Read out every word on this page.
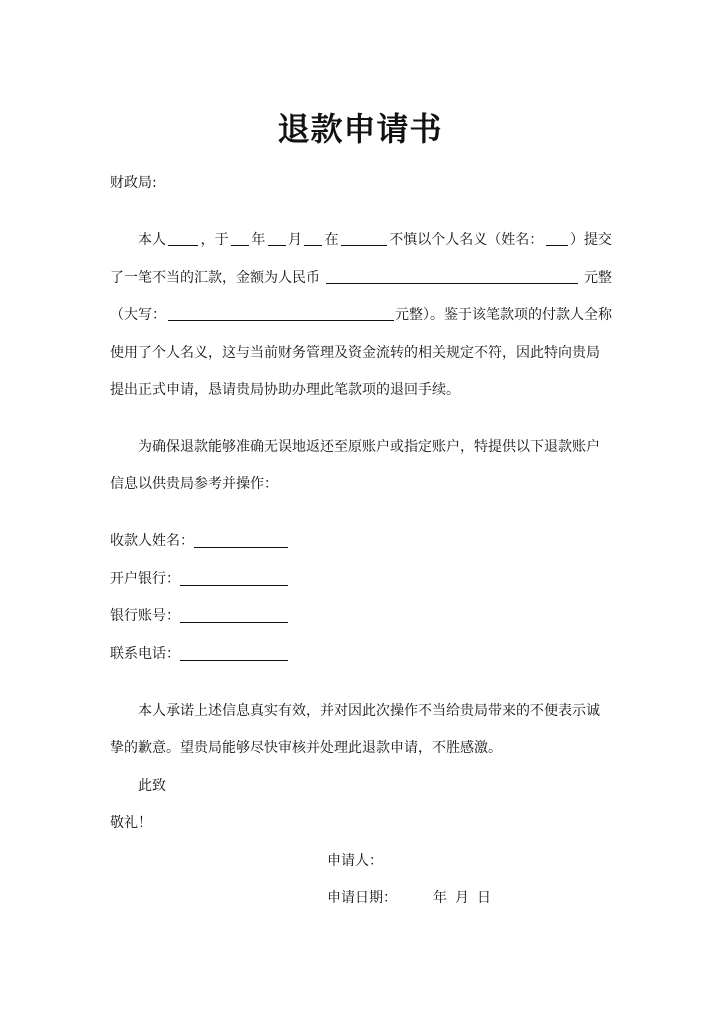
退款申请书
财政局:
本人 ，于 年 月 在	不慎以个人名义（姓名： ）提交
了一笔不当的汇款，金额为人民币	元整
（大写：	元整）。鉴于该笔款项的付款人全称
使用了个人名义，这与当前财务管理及资金流转的相关规定不符，因此特向贵局
提出正式申请，恳请贵局协助办理此笔款项的退回手续。
为确保退款能够准确无误地返还至原账户或指定账户，特提供以下退款账户
信息以供贵局参考并操作：
收款人姓名：
开户银行：
银行账号：
联系电话：
本人承诺上述信息真实有效，并对因此次操作不当给贵局带来的不便表示诚
挚的歉意。望贵局能够尽快审核并处理此退款申请，不胜感激。
此致
敬礼！
申请人：
申请日期：	年 月 日
